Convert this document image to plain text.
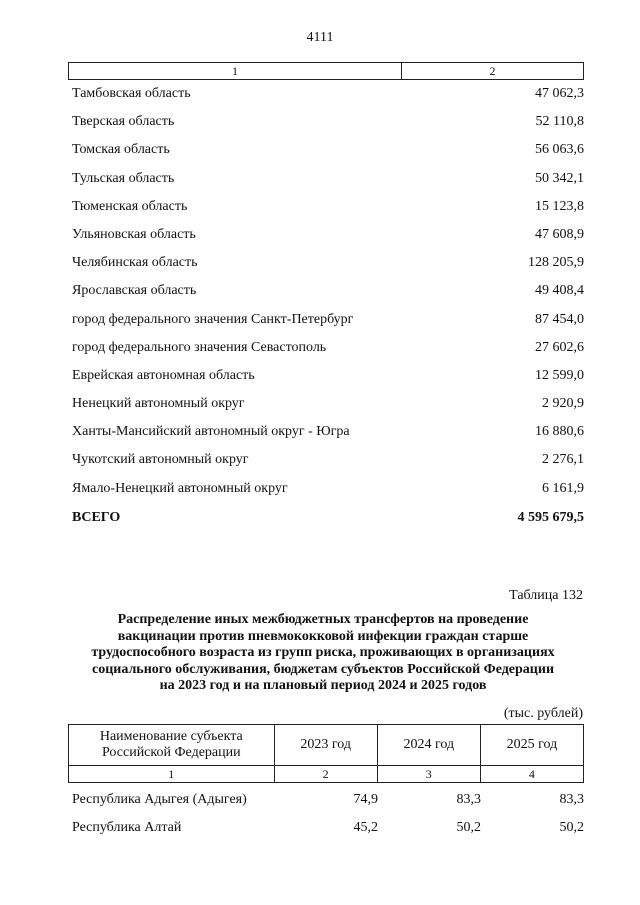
4111
1	2
Тамбовская область	47 062,3
Тверская область	52 110,8
Томская область	56 063,6
Тульская область	50 342,1
Тюменская область	15 123,8
Ульяновская область	47 608,9
Челябинская область	128 205,9
Ярославская область	49 408,4
город федерального значения Санкт-Петербург	87 454,0
город федерального значения Севастополь	27 602,6
Еврейская автономная область	12 599,0
Ненецкий автономный округ	2 920,9
Ханты-Мансийский автономный округ - Югра	16 880,6
Чукотский автономный округ	2 276,1
Ямало-Ненецкий автономный округ	6 161,9
ВСЕГО	4 595 679,5
Таблица 132
Распределение иных межбюджетных трансфертов на проведение
вакцинации против пневмококковой инфекции граждан старше
трудоспособного возраста из групп риска, проживающих в организациях
социального обслуживания, бюджетам субъектов Российской Федерации
на 2023 год и на плановый период 2024 и 2025 годов
(тыс. рублей)
Наименование субъекта
Российской Федерации	2023 год	2024 год	2025 год
1	2	3	4
Республика Адыгея (Адыгея)	74,9	83,3	83,3
Республика Алтай	45,2	50,2	50,2
